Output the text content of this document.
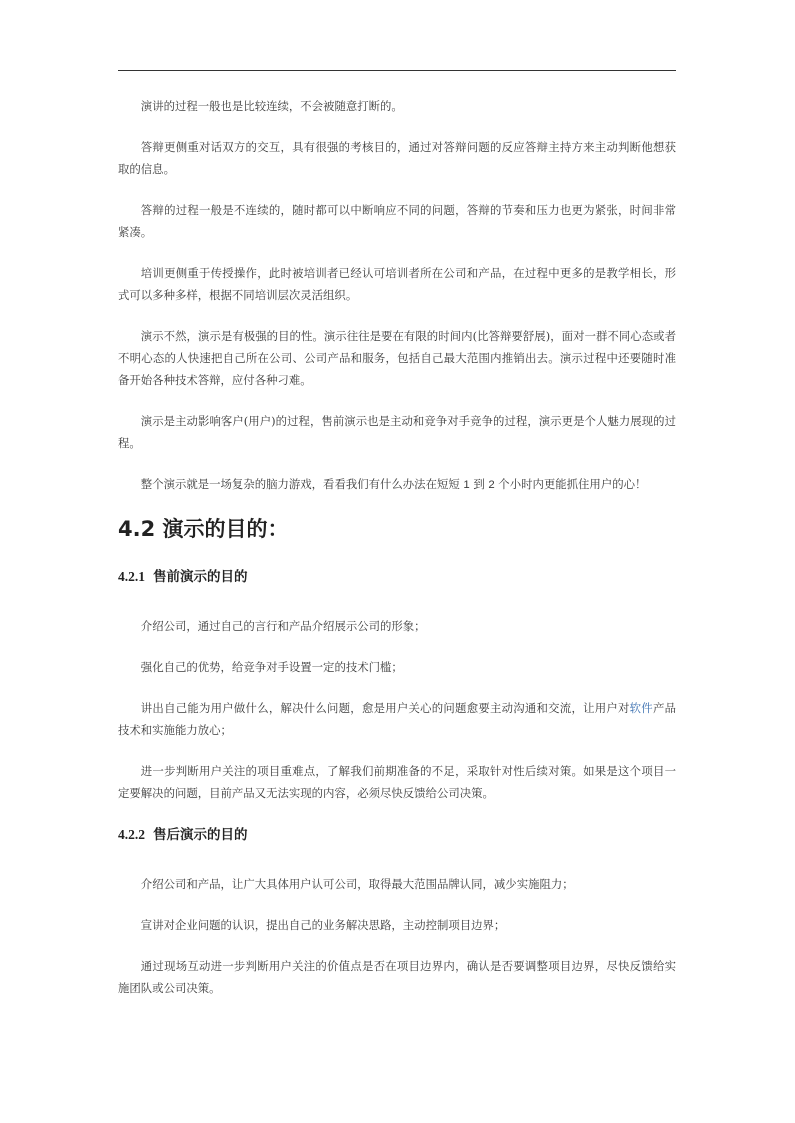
演讲的过程一般也是比较连续，不会被随意打断的。

答辩更侧重对话双方的交互，具有很强的考核目的，通过对答辩问题的反应答辩主持方来主动判断他想获取的信息。

答辩的过程一般是不连续的，随时都可以中断响应不同的问题，答辩的节奏和压力也更为紧张，时间非常紧凑。

培训更侧重于传授操作，此时被培训者已经认可培训者所在公司和产品，在过程中更多的是教学相长，形式可以多种多样，根据不同培训层次灵活组织。

演示不然，演示是有极强的目的性。演示往往是要在有限的时间内(比答辩要舒展)，面对一群不同心态或者不明心态的人快速把自己所在公司、公司产品和服务，包括自己最大范围内推销出去。演示过程中还要随时准备开始各种技术答辩，应付各种刁难。

演示是主动影响客户(用户)的过程，售前演示也是主动和竞争对手竞争的过程，演示更是个人魅力展现的过程。

整个演示就是一场复杂的脑力游戏，看看我们有什么办法在短短 1 到 2 个小时内更能抓住用户的心！

4.2 演示的目的：
4.2.1 售前演示的目的

介绍公司，通过自己的言行和产品介绍展示公司的形象；

强化自己的优势，给竞争对手设置一定的技术门槛；

讲出自己能为用户做什么，解决什么问题，愈是用户关心的问题愈要主动沟通和交流，让用户对软件产品技术和实施能力放心；

进一步判断用户关注的项目重难点，了解我们前期准备的不足，采取针对性后续对策。如果是这个项目一定要解决的问题，目前产品又无法实现的内容，必须尽快反馈给公司决策。

4.2.2 售后演示的目的

介绍公司和产品，让广大具体用户认可公司，取得最大范围品牌认同，减少实施阻力；

宣讲对企业问题的认识，提出自己的业务解决思路，主动控制项目边界；

通过现场互动进一步判断用户关注的价值点是否在项目边界内，确认是否要调整项目边界，尽快反馈给实施团队或公司决策。
